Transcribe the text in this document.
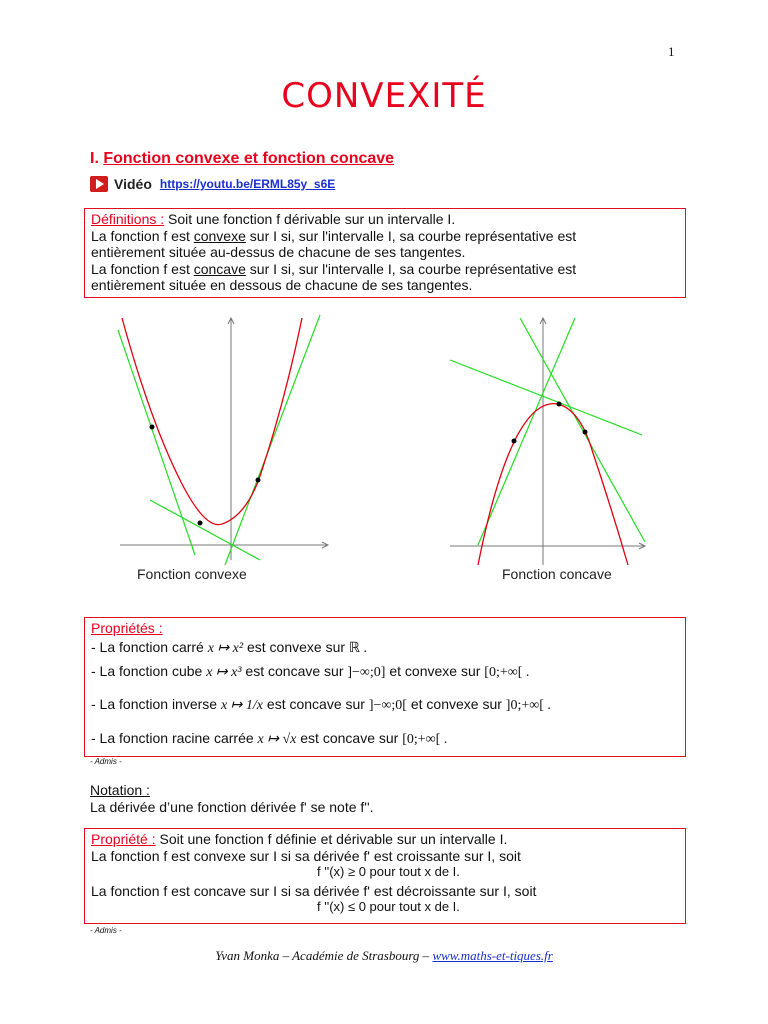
1
CONVEXITÉ
I. Fonction convexe et fonction concave
Vidéo https://youtu.be/ERML85y_s6E
Définitions : Soit une fonction f dérivable sur un intervalle I.
La fonction f est convexe sur I si, sur l'intervalle I, sa courbe représentative est
entièrement située au-dessus de chacune de ses tangentes.
La fonction f est concave sur I si, sur l'intervalle I, sa courbe représentative est
entièrement située en dessous de chacune de ses tangentes.
Fonction convexe	Fonction concave
Propriétés :
- La fonction carré x ↦ x² est convexe sur ℝ .
- La fonction cube x ↦ x³ est concave sur ]−∞;0] et convexe sur [0;+∞[ .
- La fonction inverse x ↦ 1/x est concave sur ]−∞;0[ et convexe sur ]0;+∞[ .
- La fonction racine carrée x ↦ √x est concave sur [0;+∞[ .
- Admis -
Notation :
La dérivée d’une fonction dérivée f' se note f''.
Propriété : Soit une fonction f définie et dérivable sur un intervalle I.
La fonction f est convexe sur I si sa dérivée f' est croissante sur I, soit
f ''(x) ≥ 0 pour tout x de I.
La fonction f est concave sur I si sa dérivée f' est décroissante sur I, soit
f ''(x) ≤ 0 pour tout x de I.
- Admis -
Yvan Monka – Académie de Strasbourg – www.maths-et-tiques.fr
